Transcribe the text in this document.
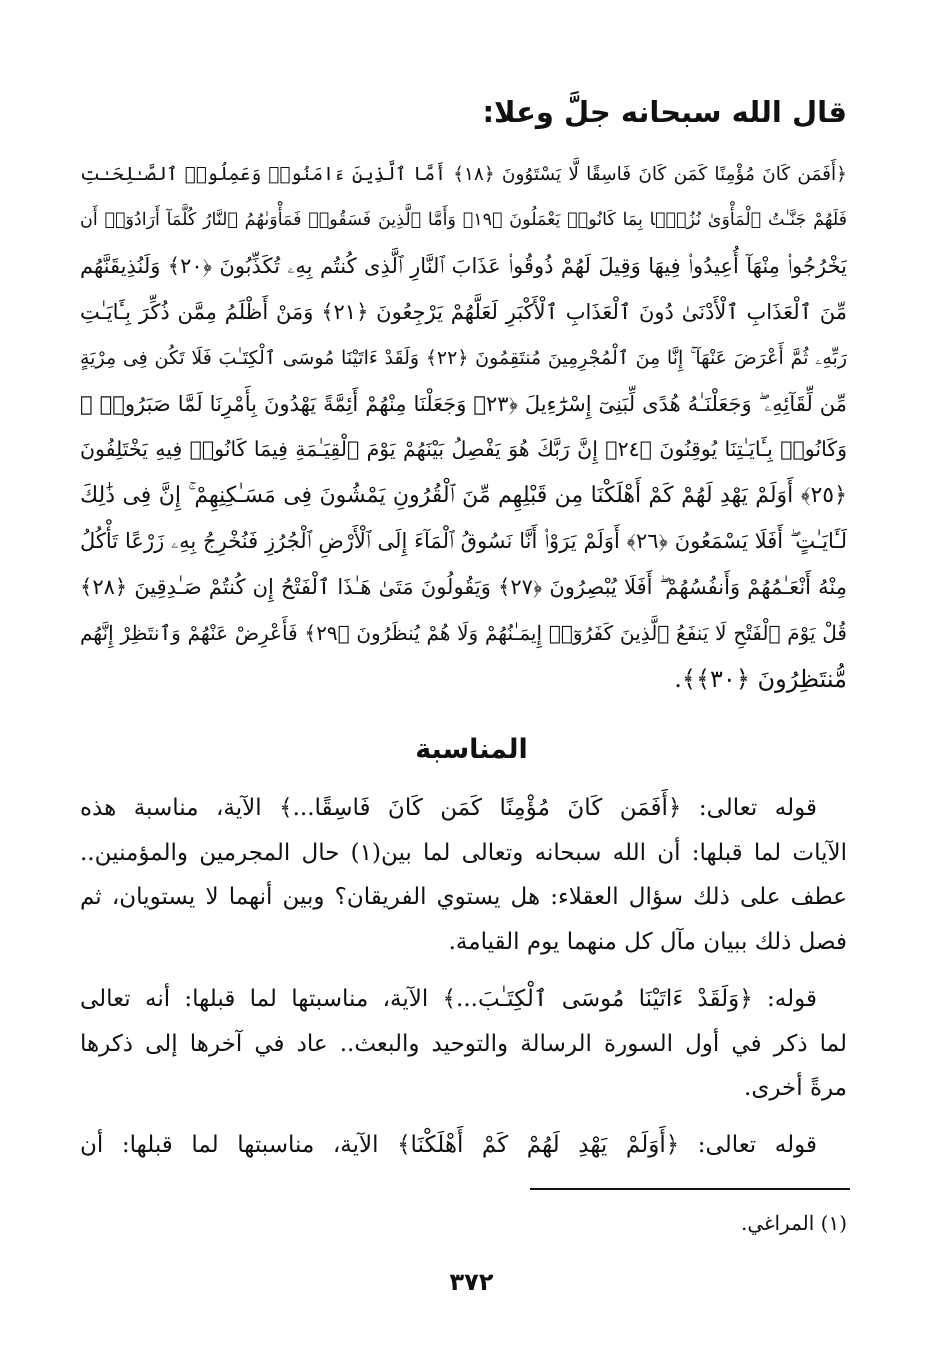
قال الله سبحانه جلَّ وعلا:
﴿أَفَمَن كَانَ مُؤْمِنًا كَمَن كَانَ فَاسِقًا لَّا يَسْتَوُونَ ﴿١٨﴾ أَمَّا ٱلَّذِينَ ءَامَنُوا۟ وَعَمِلُوا۟ ٱلصَّـٰلِحَـٰتِ
فَلَهُمْ جَنَّـٰتُ ٱلْمَأْوَىٰ نُزُلًۢا بِمَا كَانُوا۟ يَعْمَلُونَ ﴿١٩﴾ وَأَمَّا ٱلَّذِينَ فَسَقُوا۟ فَمَأْوَىٰهُمُ ٱلنَّارُ كُلَّمَآ أَرَادُوٓا۟ أَن
يَخْرُجُوا۟ مِنْهَآ أُعِيدُوا۟ فِيهَا وَقِيلَ لَهُمْ ذُوقُوا۟ عَذَابَ ٱلنَّارِ ٱلَّذِى كُنتُم بِهِۦ تُكَذِّبُونَ ﴿٢٠﴾ وَلَنُذِيقَنَّهُم
مِّنَ ٱلْعَذَابِ ٱلْأَدْنَىٰ دُونَ ٱلْعَذَابِ ٱلْأَكْبَرِ لَعَلَّهُمْ يَرْجِعُونَ ﴿٢١﴾ وَمَنْ أَظْلَمُ مِمَّن ذُكِّرَ بِـَٔايَـٰتِ
رَبِّهِۦ ثُمَّ أَعْرَضَ عَنْهَآ ۚ إِنَّا مِنَ ٱلْمُجْرِمِينَ مُنتَقِمُونَ ﴿٢٢﴾ وَلَقَدْ ءَاتَيْنَا مُوسَى ٱلْكِتَـٰبَ فَلَا تَكُن فِى مِرْيَةٍ
مِّن لِّقَآئِهِۦ ۖ وَجَعَلْنَـٰهُ هُدًى لِّبَنِىٓ إِسْرَٰٓءِيلَ ﴿٢٣﴾ وَجَعَلْنَا مِنْهُمْ أَئِمَّةً يَهْدُونَ بِأَمْرِنَا لَمَّا صَبَرُوا۟ ۖ
وَكَانُوا۟ بِـَٔايَـٰتِنَا يُوقِنُونَ ﴿٢٤﴾ إِنَّ رَبَّكَ هُوَ يَفْصِلُ بَيْنَهُمْ يَوْمَ ٱلْقِيَـٰمَةِ فِيمَا كَانُوا۟ فِيهِ يَخْتَلِفُونَ
﴿٢٥﴾ أَوَلَمْ يَهْدِ لَهُمْ كَمْ أَهْلَكْنَا مِن قَبْلِهِم مِّنَ ٱلْقُرُونِ يَمْشُونَ فِى مَسَـٰكِنِهِمْ ۚ إِنَّ فِى ذَٰلِكَ
لَـَٔايَـٰتٍ ۖ أَفَلَا يَسْمَعُونَ ﴿٢٦﴾ أَوَلَمْ يَرَوْا۟ أَنَّا نَسُوقُ ٱلْمَآءَ إِلَى ٱلْأَرْضِ ٱلْجُرُزِ فَنُخْرِجُ بِهِۦ زَرْعًا تَأْكُلُ
مِنْهُ أَنْعَـٰمُهُمْ وَأَنفُسُهُمْ ۖ أَفَلَا يُبْصِرُونَ ﴿٢٧﴾ وَيَقُولُونَ مَتَىٰ هَـٰذَا ٱلْفَتْحُ إِن كُنتُمْ صَـٰدِقِينَ ﴿٢٨﴾
قُلْ يَوْمَ ٱلْفَتْحِ لَا يَنفَعُ ٱلَّذِينَ كَفَرُوٓا۟ إِيمَـٰنُهُمْ وَلَا هُمْ يُنظَرُونَ ﴿٢٩﴾ فَأَعْرِضْ عَنْهُمْ وَٱنتَظِرْ إِنَّهُم
مُّنتَظِرُونَ ﴿٣٠﴾﴾.
المناسبة
قوله تعالى: ﴿أَفَمَن كَانَ مُؤْمِنًا كَمَن كَانَ فَاسِقًا...﴾ الآية، مناسبة هذه
الآيات لما قبلها: أن الله سبحانه وتعالى لما بين(١) حال المجرمين والمؤمنين..
عطف على ذلك سؤال العقلاء: هل يستوي الفريقان؟ وبين أنهما لا يستويان، ثم
فصل ذلك ببيان مآل كل منهما يوم القيامة.
قوله: ﴿وَلَقَدْ ءَاتَيْنَا مُوسَى ٱلْكِتَـٰبَ...﴾ الآية، مناسبتها لما قبلها: أنه تعالى
لما ذكر في أول السورة الرسالة والتوحيد والبعث.. عاد في آخرها إلى ذكرها
مرةً أخرى.
قوله تعالى: ﴿أَوَلَمْ يَهْدِ لَهُمْ كَمْ أَهْلَكْنَا﴾ الآية، مناسبتها لما قبلها: أن
(١) المراغي.
٣٧٢
